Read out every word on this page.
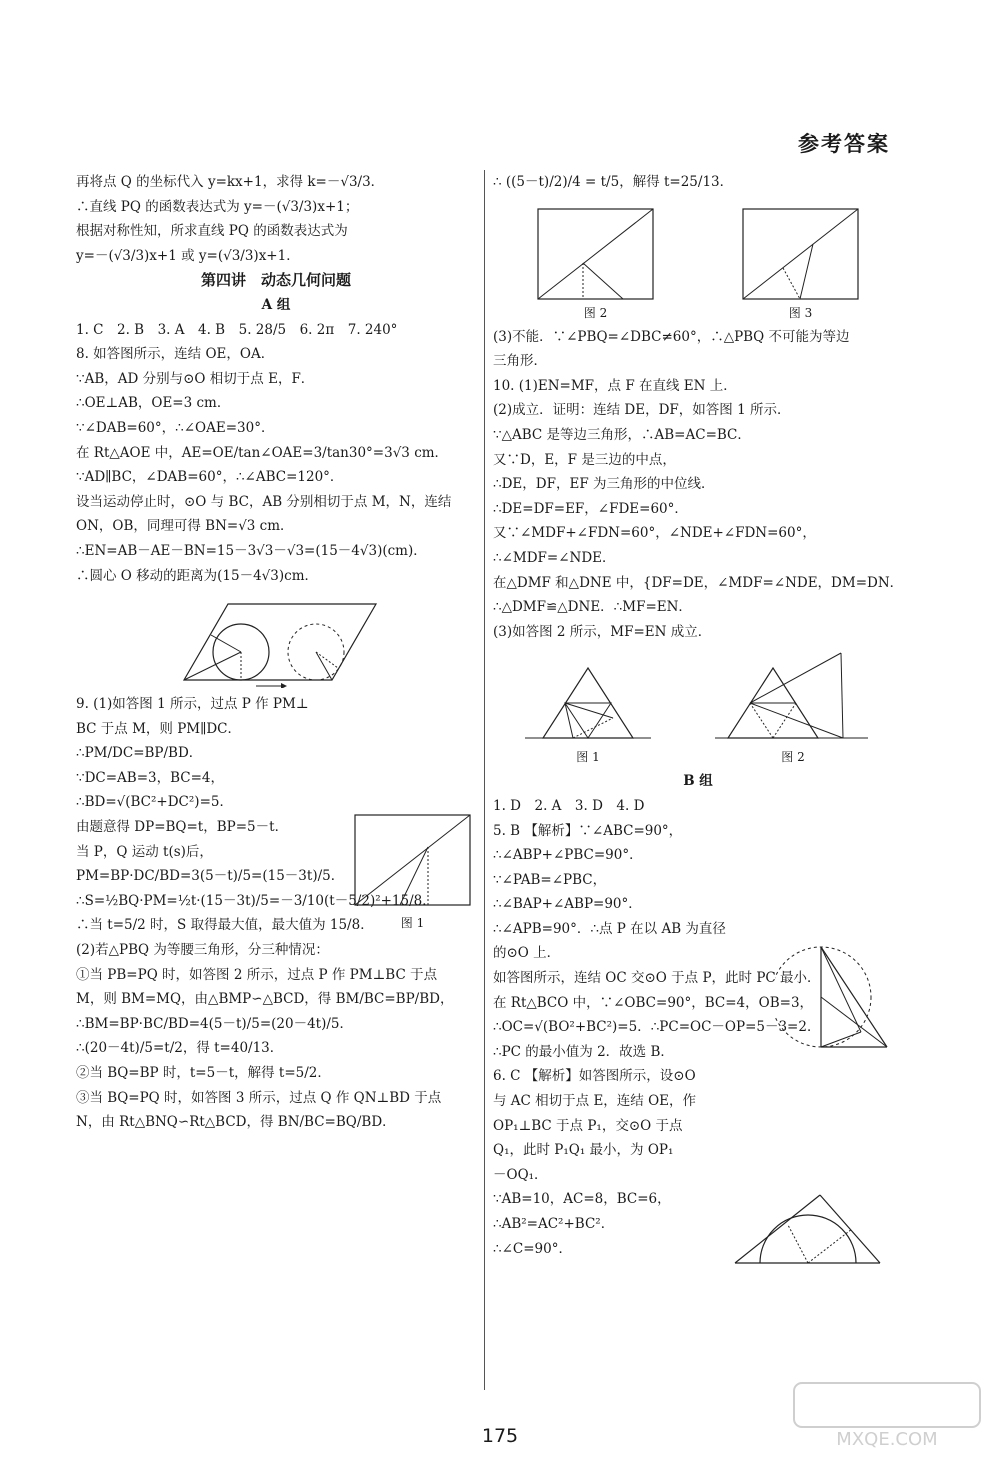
参考答案

再将点 Q 的坐标代入 y=kx+1，求得 k=－√3/3．

∴直线 PQ 的函数表达式为 y=－(√3/3)x+1；

根据对称性知，所求直线 PQ 的函数表达式为

y=－(√3/3)x+1 或 y=(√3/3)x+1．

第四讲　动态几何问题

A 组

1. C　2. B　3. A　4. B　5. 28/5　6. 2π　7. 240°

8. 如答图所示，连结 OE，OA．

∵AB，AD 分别与⊙O 相切于点 E，F．

∴OE⊥AB，OE=3 cm．

∵∠DAB=60°，∴∠OAE=30°．

在 Rt△AOE 中，AE=OE/tan∠OAE=3/tan30°=3√3 cm．

∵AD∥BC，∠DAB=60°，∴∠ABC=120°．

设当运动停止时，⊙O 与 BC，AB 分别相切于点 M，N，连结

ON，OB，同理可得 BN=√3 cm．

∴EN=AB－AE－BN=15－3√3－√3=(15－4√3)(cm)．

∴圆心 O 移动的距离为(15－4√3)cm．

9. (1)如答图 1 所示，过点 P 作 PM⊥

BC 于点 M，则 PM∥DC．

∴PM/DC=BP/BD．

∵DC=AB=3，BC=4，

∴BD=√(BC²+DC²)=5．

由题意得 DP=BQ=t，BP=5－t．

当 P，Q 运动 t(s)后，

PM=BP·DC/BD=3(5－t)/5=(15－3t)/5．

∴S=½BQ·PM=½t·(15－3t)/5=－3/10(t－5/2)²+15/8．

∴当 t=5/2 时，S 取得最大值，最大值为 15/8．

(2)若△PBQ 为等腰三角形，分三种情况：

①当 PB=PQ 时，如答图 2 所示，过点 P 作 PM⊥BC 于点

M，则 BM=MQ，由△BMP∽△BCD，得 BM/BC=BP/BD，

∴BM=BP·BC/BD=4(5－t)/5=(20－4t)/5．

∴(20－4t)/5=t/2，得 t=40/13．

②当 BQ=BP 时，t=5－t，解得 t=5/2．

③当 BQ=PQ 时，如答图 3 所示，过点 Q 作 QN⊥BD 于点

N，由 Rt△BNQ∽Rt△BCD，得 BN/BC=BQ/BD．

图 1

∴ ((5－t)/2)/4 = t/5，解得 t=25/13．

图 2	图 3

(3)不能．∵∠PBQ=∠DBC≠60°，∴△PBQ 不可能为等边

三角形．

10. (1)EN=MF，点 F 在直线 EN 上．

(2)成立．证明：连结 DE，DF，如答图 1 所示．

∵△ABC 是等边三角形，∴AB=AC=BC．

又∵D，E，F 是三边的中点，

∴DE，DF，EF 为三角形的中位线．

∴DE=DF=EF，∠FDE=60°．

又∵∠MDF+∠FDN=60°，∠NDE+∠FDN=60°，

∴∠MDF=∠NDE．

在△DMF 和△DNE 中，{DF=DE，∠MDF=∠NDE，DM=DN．

∴△DMF≌△DNE．∴MF=EN．

(3)如答图 2 所示，MF=EN 成立．

图 1	图 2

B 组

1. D　2. A　3. D　4. D

5. B 【解析】∵∠ABC=90°，

∴∠ABP+∠PBC=90°．

∵∠PAB=∠PBC，

∴∠BAP+∠ABP=90°．

∴∠APB=90°．∴点 P 在以 AB 为直径

的⊙O 上．

如答图所示，连结 OC 交⊙O 于点 P，此时 PC 最小．

在 Rt△BCO 中，∵∠OBC=90°，BC=4，OB=3，

∴OC=√(BO²+BC²)=5．∴PC=OC－OP=5－3=2．

∴PC 的最小值为 2．故选 B．

6. C 【解析】如答图所示，设⊙O

与 AC 相切于点 E，连结 OE，作

OP₁⊥BC 于点 P₁，交⊙O 于点

Q₁，此时 P₁Q₁ 最小，为 OP₁

－OQ₁．

∵AB=10，AC=8，BC=6，

∴AB²=AC²+BC²．

∴∠C=90°．

175	MXQE.COM
